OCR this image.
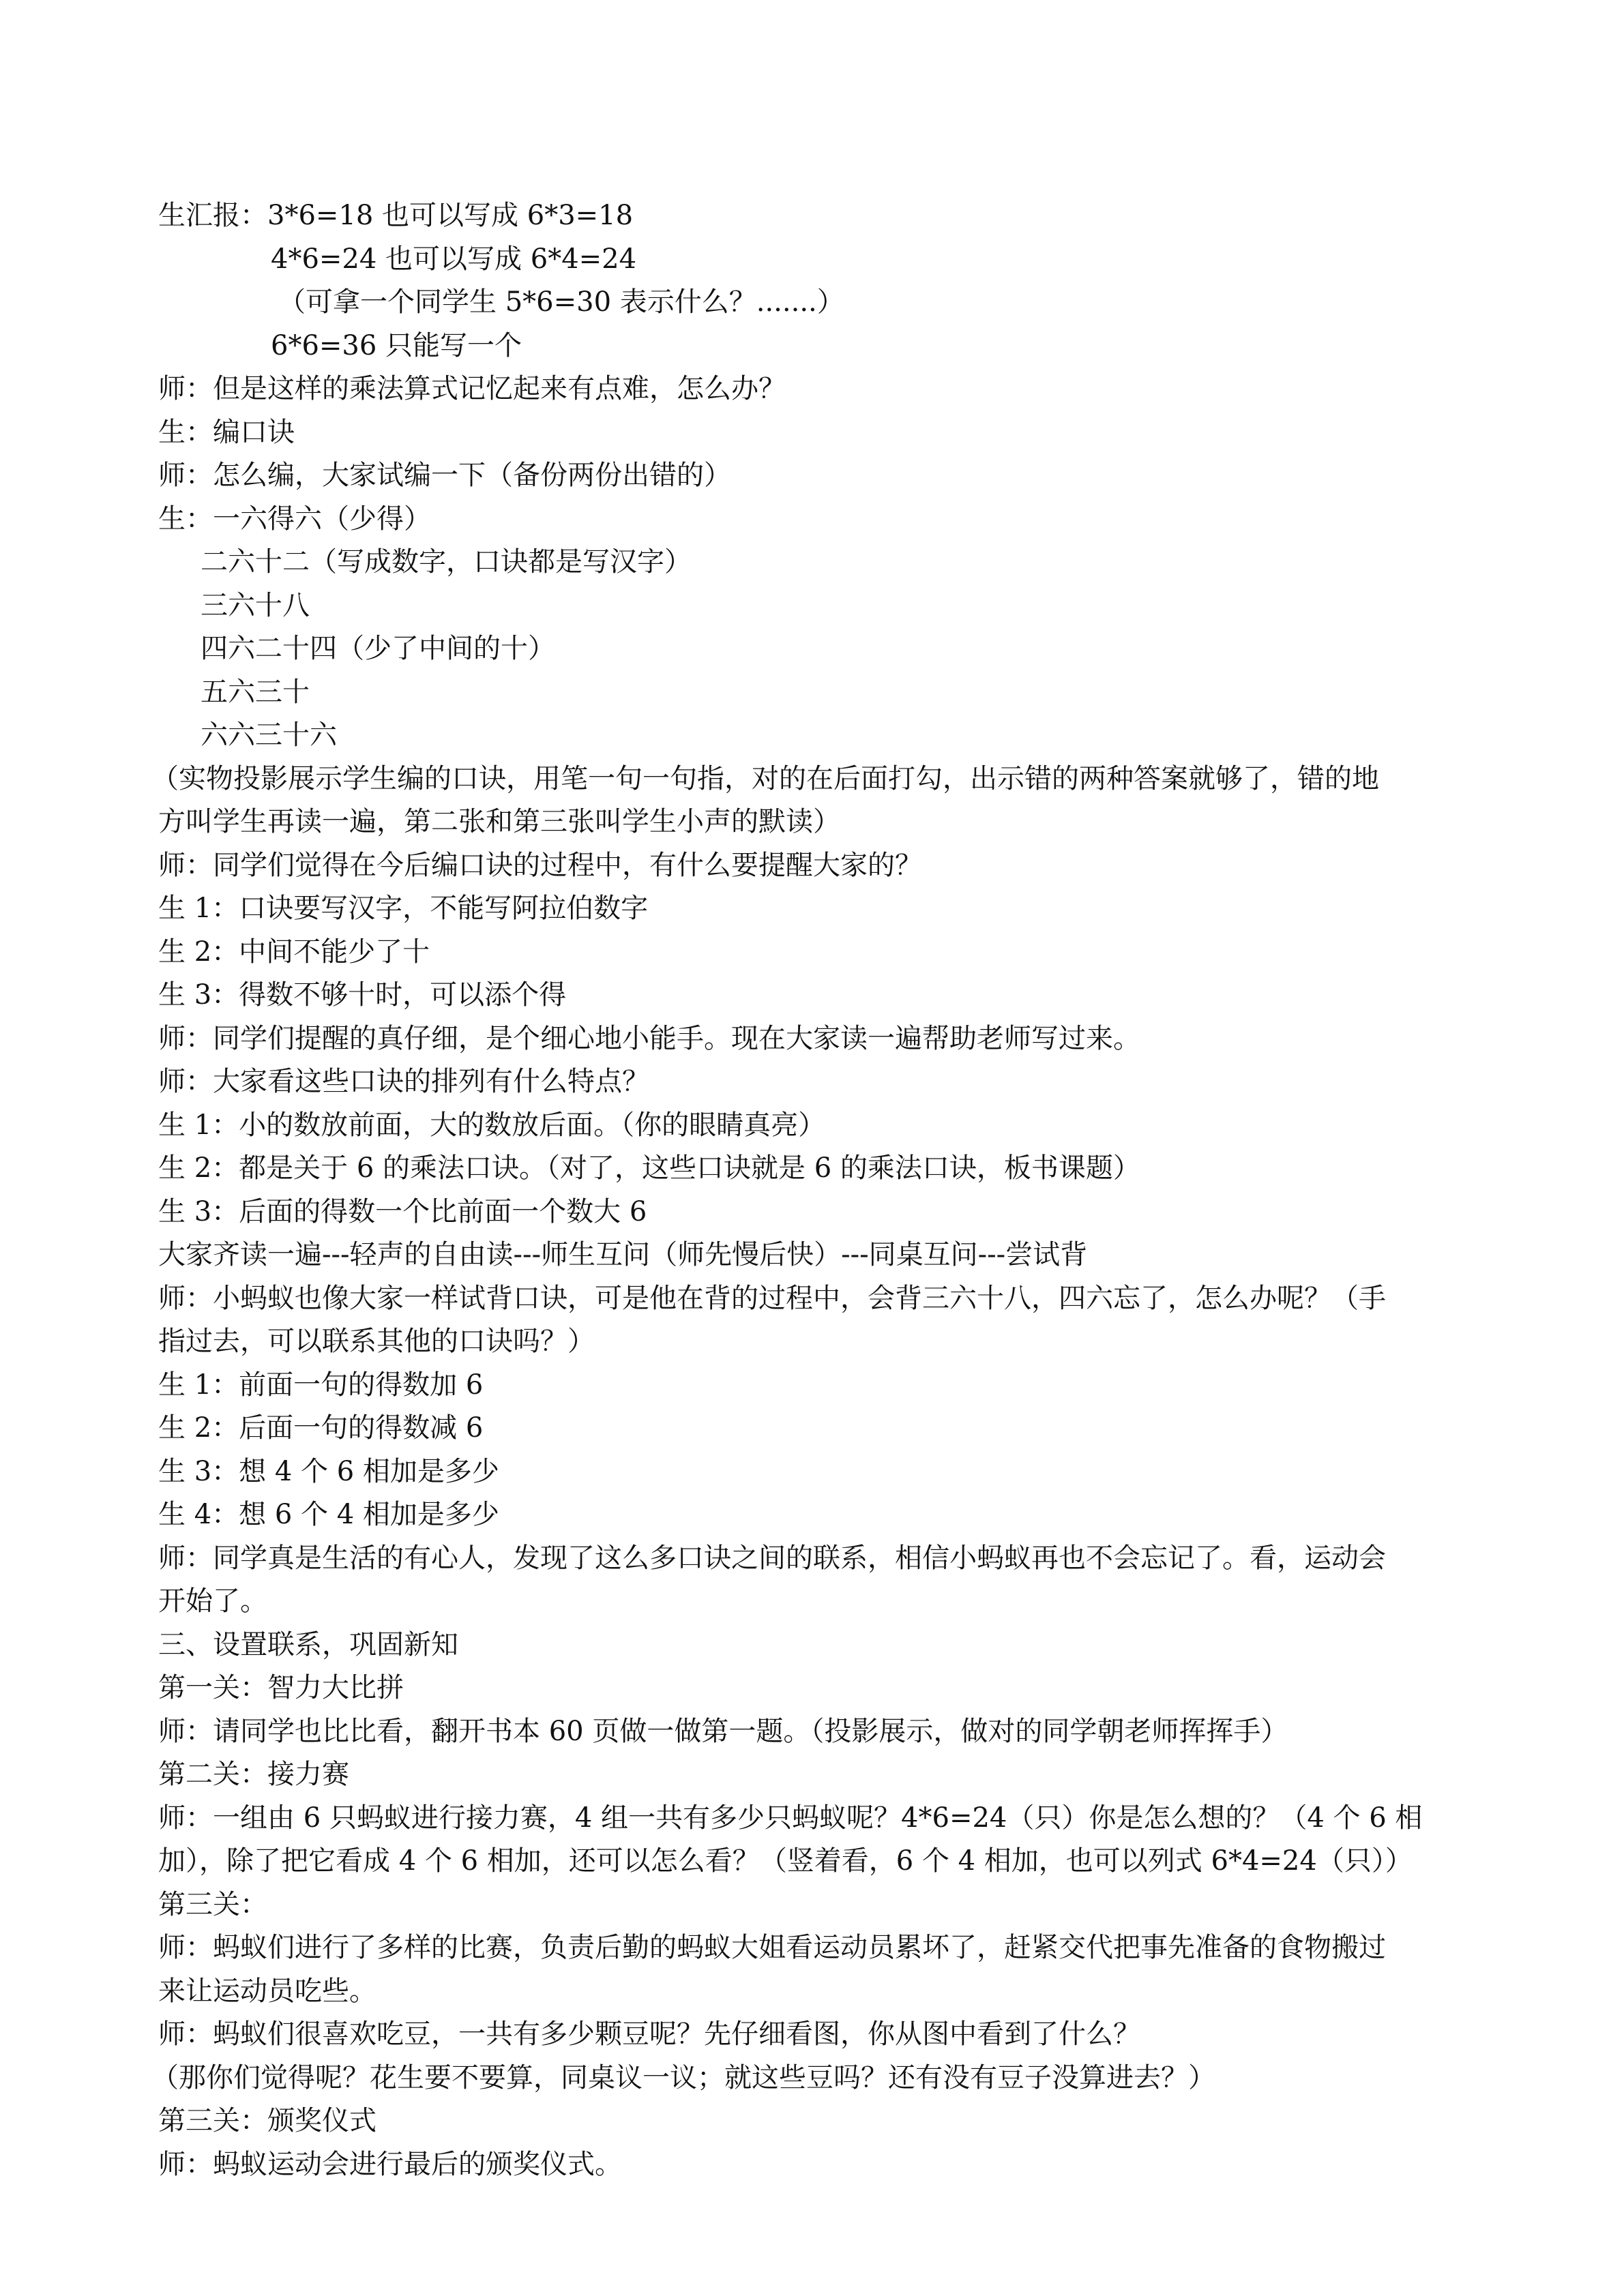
生汇报：3*6=18 也可以写成 6*3=18
4*6=24 也可以写成 6*4=24
（可拿一个同学生 5*6=30 表示什么？.......）
6*6=36 只能写一个
师：但是这样的乘法算式记忆起来有点难，怎么办？
生：编口诀
师：怎么编，大家试编一下（备份两份出错的）
生：一六得六（少得）
二六十二（写成数字，口诀都是写汉字）
三六十八
四六二十四（少了中间的十）
五六三十
六六三十六
（实物投影展示学生编的口诀，用笔一句一句指，对的在后面打勾，出示错的两种答案就够了，错的地
方叫学生再读一遍，第二张和第三张叫学生小声的默读）
师：同学们觉得在今后编口诀的过程中，有什么要提醒大家的？
生 1：口诀要写汉字，不能写阿拉伯数字
生 2：中间不能少了十
生 3：得数不够十时，可以添个得
师：同学们提醒的真仔细，是个细心地小能手。现在大家读一遍帮助老师写过来。
师：大家看这些口诀的排列有什么特点？
生 1：小的数放前面，大的数放后面。（你的眼睛真亮）
生 2：都是关于 6 的乘法口诀。（对了，这些口诀就是 6 的乘法口诀，板书课题）
生 3：后面的得数一个比前面一个数大 6
大家齐读一遍---轻声的自由读---师生互问（师先慢后快）---同桌互问---尝试背
师：小蚂蚁也像大家一样试背口诀，可是他在背的过程中，会背三六十八，四六忘了，怎么办呢？（手
指过去，可以联系其他的口诀吗？）
生 1：前面一句的得数加 6
生 2：后面一句的得数减 6
生 3：想 4 个 6 相加是多少
生 4：想 6 个 4 相加是多少
师：同学真是生活的有心人，发现了这么多口诀之间的联系，相信小蚂蚁再也不会忘记了。看，运动会
开始了。
三、设置联系，巩固新知
第一关：智力大比拼
师：请同学也比比看，翻开书本 60 页做一做第一题。（投影展示，做对的同学朝老师挥挥手）
第二关：接力赛
师：一组由 6 只蚂蚁进行接力赛，4 组一共有多少只蚂蚁呢？4*6=24（只）你是怎么想的？（4 个 6 相
加），除了把它看成 4 个 6 相加，还可以怎么看？（竖着看，6 个 4 相加，也可以列式 6*4=24（只））
第三关：
师：蚂蚁们进行了多样的比赛，负责后勤的蚂蚁大姐看运动员累坏了，赶紧交代把事先准备的食物搬过
来让运动员吃些。
师：蚂蚁们很喜欢吃豆，一共有多少颗豆呢？先仔细看图，你从图中看到了什么？
（那你们觉得呢？花生要不要算，同桌议一议；就这些豆吗？还有没有豆子没算进去？）
第三关：颁奖仪式
师：蚂蚁运动会进行最后的颁奖仪式。
